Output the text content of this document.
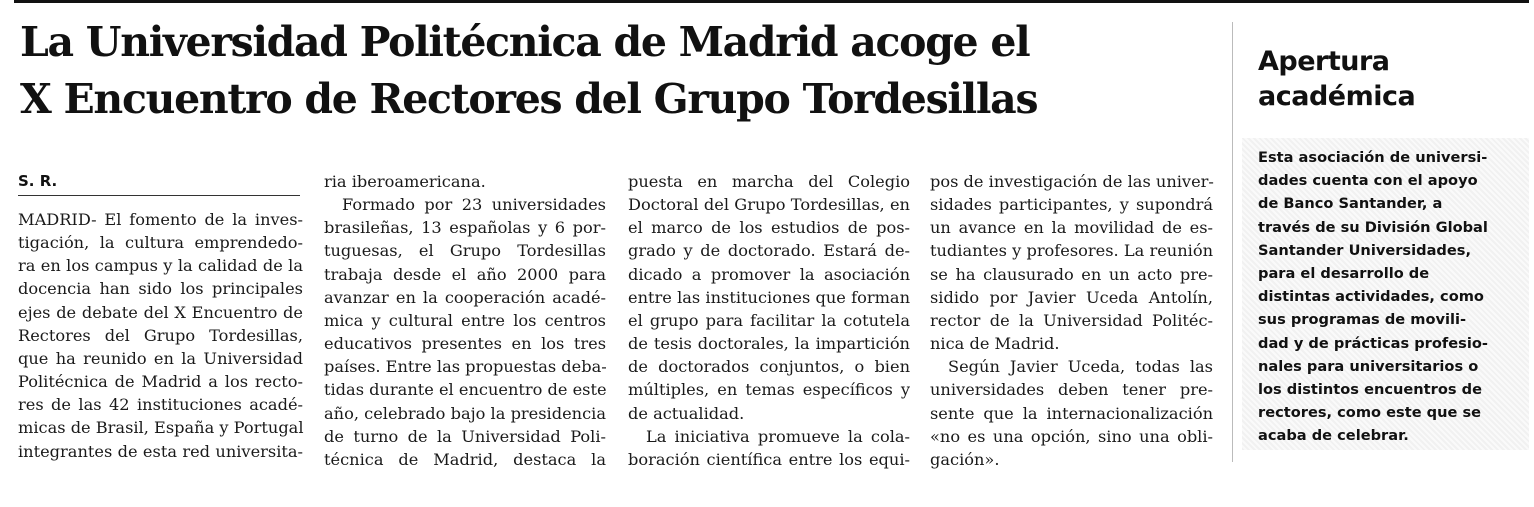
La Universidad Politécnica de Madrid acoge el
X Encuentro de Rectores del Grupo Tordesillas
S. R.
MADRID- El fomento de la inves-
tigación, la cultura emprendedo-
ra en los campus y la calidad de la
docencia han sido los principales
ejes de debate del X Encuentro de
Rectores del Grupo Tordesillas,
que ha reunido en la Universidad
Politécnica de Madrid a los recto-
res de las 42 instituciones acadé-
micas de Brasil, España y Portugal
integrantes de esta red universita-
ria iberoamericana.
Formado por 23 universidades
brasileñas, 13 españolas y 6 por-
tuguesas, el Grupo Tordesillas
trabaja desde el año 2000 para
avanzar en la cooperación acadé-
mica y cultural entre los centros
educativos presentes en los tres
países. Entre las propuestas deba-
tidas durante el encuentro de este
año, celebrado bajo la presidencia
de turno de la Universidad Poli-
técnica de Madrid, destaca la
puesta en marcha del Colegio
Doctoral del Grupo Tordesillas, en
el marco de los estudios de pos-
grado y de doctorado. Estará de-
dicado a promover la asociación
entre las instituciones que forman
el grupo para facilitar la cotutela
de tesis doctorales, la impartición
de doctorados conjuntos, o bien
múltiples, en temas específicos y
de actualidad.
La iniciativa promueve la cola-
boración científica entre los equi-
pos de investigación de las univer-
sidades participantes, y supondrá
un avance en la movilidad de es-
tudiantes y profesores. La reunión
se ha clausurado en un acto pre-
sidido por Javier Uceda Antolín,
rector de la Universidad Politéc-
nica de Madrid.
Según Javier Uceda, todas las
universidades deben tener pre-
sente que la internacionalización
«no es una opción, sino una obli-
gación».
Apertura
académica
Esta asociación de universi-
dades cuenta con el apoyo
de Banco Santander, a
través de su División Global
Santander Universidades,
para el desarrollo de
distintas actividades, como
sus programas de movili-
dad y de prácticas profesio-
nales para universitarios o
los distintos encuentros de
rectores, como este que se
acaba de celebrar.
